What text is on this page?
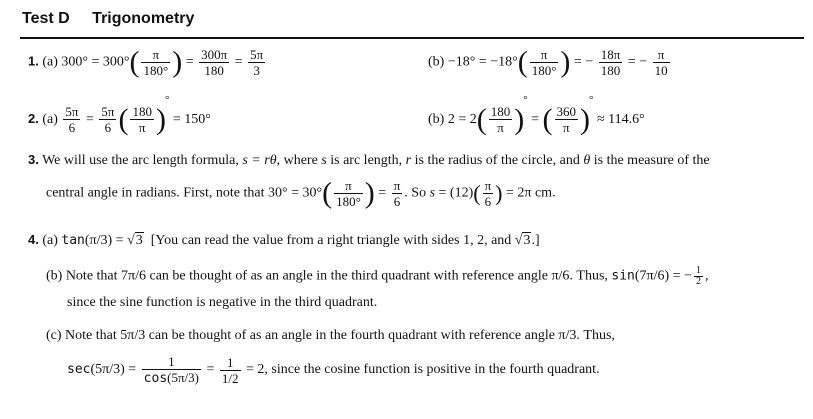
Test D Trigonometry
1. (a) $300^\circ = 300^\circ( \frac{\pi}{180^\circ}$ ) = $\frac{300\pi}{180} = \frac{5\pi}{3}$	$(b) -18^\circ = -18^\circ( \frac{\pi}{180^\circ}$ ) = − $\frac{18\pi}{180}$ = − $\frac{\pi}{10}$
2. $(a) \frac{5\pi}{6} = \frac{5\pi}{6}$ ( $\frac{180}{\pi} )^\circ = 150^\circ$	(b) $2 = 2( \frac{180}{\pi} )^\circ$ = ( $\frac{360}{\pi} )^\circ \approx 114.6^\circ$
3. We will use the arc length formula, s = rθ, where s is arc length, r is the radius of the circle, and θ is the measure of the
central angle in radians. First, note that $30^\circ = 30^\circ( \frac{\pi}{180^\circ}$ ) = $\frac{\pi}{6}$ . So $s = (12)( \frac{\pi}{6}$ ) = 2π cm.
4. (a) tan(π/3) = √3 [You can read the value from a right triangle with sides 1, 2, and √3.]
(b) Note that 7π/6 can be thought of as an angle in the third quadrant with reference angle π/6. Thus, sin(7π/6) = − $\frac{1}{2}$ ,
since the sine function is negative in the third quadrant.
(c) Note that 5π/3 can be thought of as an angle in the fourth quadrant with reference angle π/3. Thus,
$\sec(5\pi/3) = \frac{1}{\cos(5\pi/3)} = \frac{1}{1/2} = 2$, since the cosine function is positive in the fourth quadrant.
